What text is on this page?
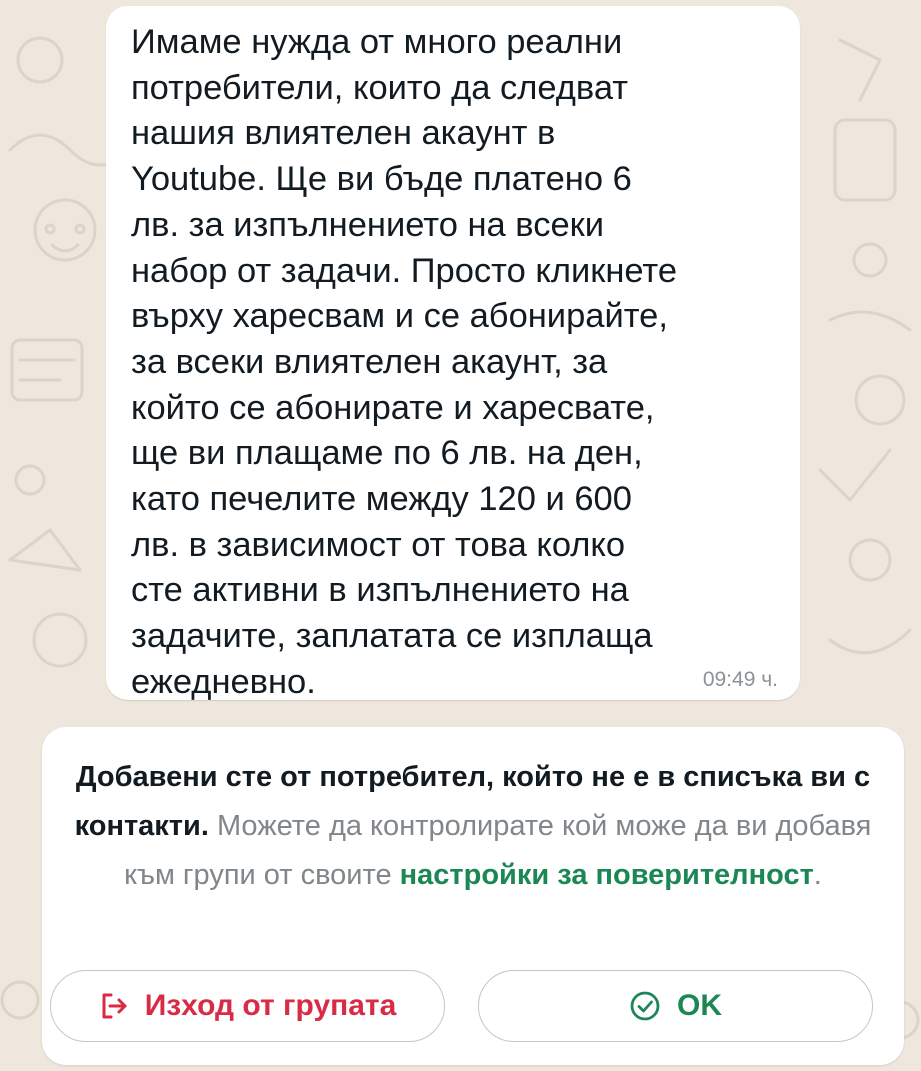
Имаме нужда от много реални
потребители, които да следват
нашия влиятелен акаунт в
Youtube. Ще ви бъде платено 6
лв. за изпълнението на всеки
набор от задачи. Просто кликнете
върху харесвам и се абонирайте,
за всеки влиятелен акаунт, за
който се абонирате и харесвате,
ще ви плащаме по 6 лв. на ден,
като печелите между 120 и 600
лв. в зависимост от това колко
сте активни в изпълнението на
задачите, заплатата се изплаща
ежедневно.	09:49 ч.
Добавени сте от потребител, който не е в списъка ви с контакти. Можете да контролирате кой може да ви добавя към групи от своите настройки за поверителност.
Изход от групата	OK
